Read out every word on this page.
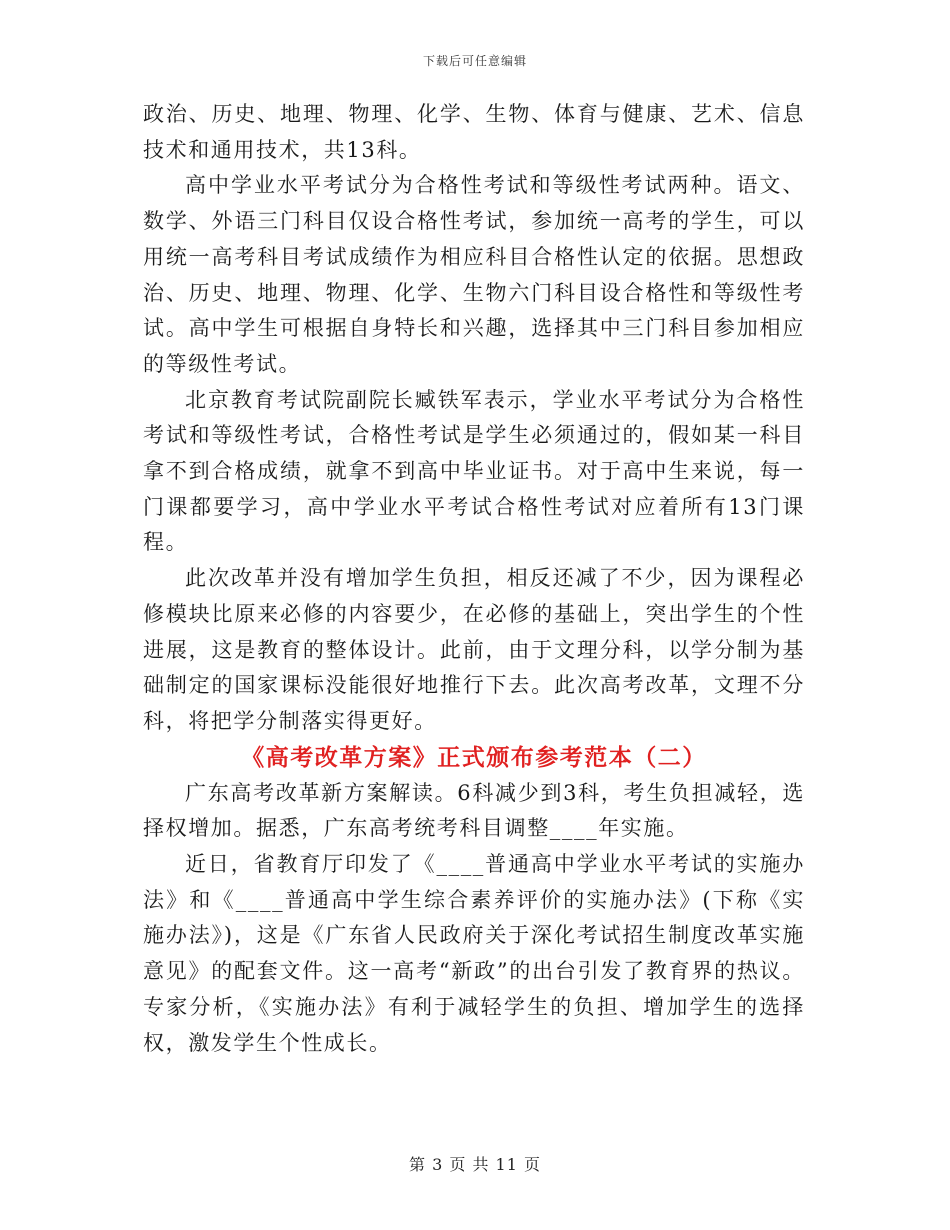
下载后可任意编辑

政治、历史、地理、物理、化学、生物、体育与健康、艺术、信息技术和通用技术，共13科。

高中学业水平考试分为合格性考试和等级性考试两种。语文、数学、外语三门科目仅设合格性考试，参加统一高考的学生，可以用统一高考科目考试成绩作为相应科目合格性认定的依据。思想政治、历史、地理、物理、化学、生物六门科目设合格性和等级性考试。高中学生可根据自身特长和兴趣，选择其中三门科目参加相应的等级性考试。

北京教育考试院副院长臧铁军表示，学业水平考试分为合格性考试和等级性考试，合格性考试是学生必须通过的，假如某一科目拿不到合格成绩，就拿不到高中毕业证书。对于高中生来说，每一门课都要学习，高中学业水平考试合格性考试对应着所有13门课程。

此次改革并没有增加学生负担，相反还减了不少，因为课程必修模块比原来必修的内容要少，在必修的基础上，突出学生的个性进展，这是教育的整体设计。此前，由于文理分科，以学分制为基础制定的国家课标没能很好地推行下去。此次高考改革，文理不分科，将把学分制落实得更好。

《高考改革方案》正式颁布参考范本（二）

广东高考改革新方案解读。6科减少到3科，考生负担减轻，选择权增加。据悉，广东高考统考科目调整____年实施。

近日，省教育厅印发了《____普通高中学业水平考试的实施办法》和《____普通高中学生综合素养评价的实施办法》(下称《实施办法》)，这是《广东省人民政府关于深化考试招生制度改革实施意见》的配套文件。这一高考“新政”的出台引发了教育界的热议。专家分析，《实施办法》有利于减轻学生的负担、增加学生的选择权，激发学生个性成长。

第 3 页 共 11 页
